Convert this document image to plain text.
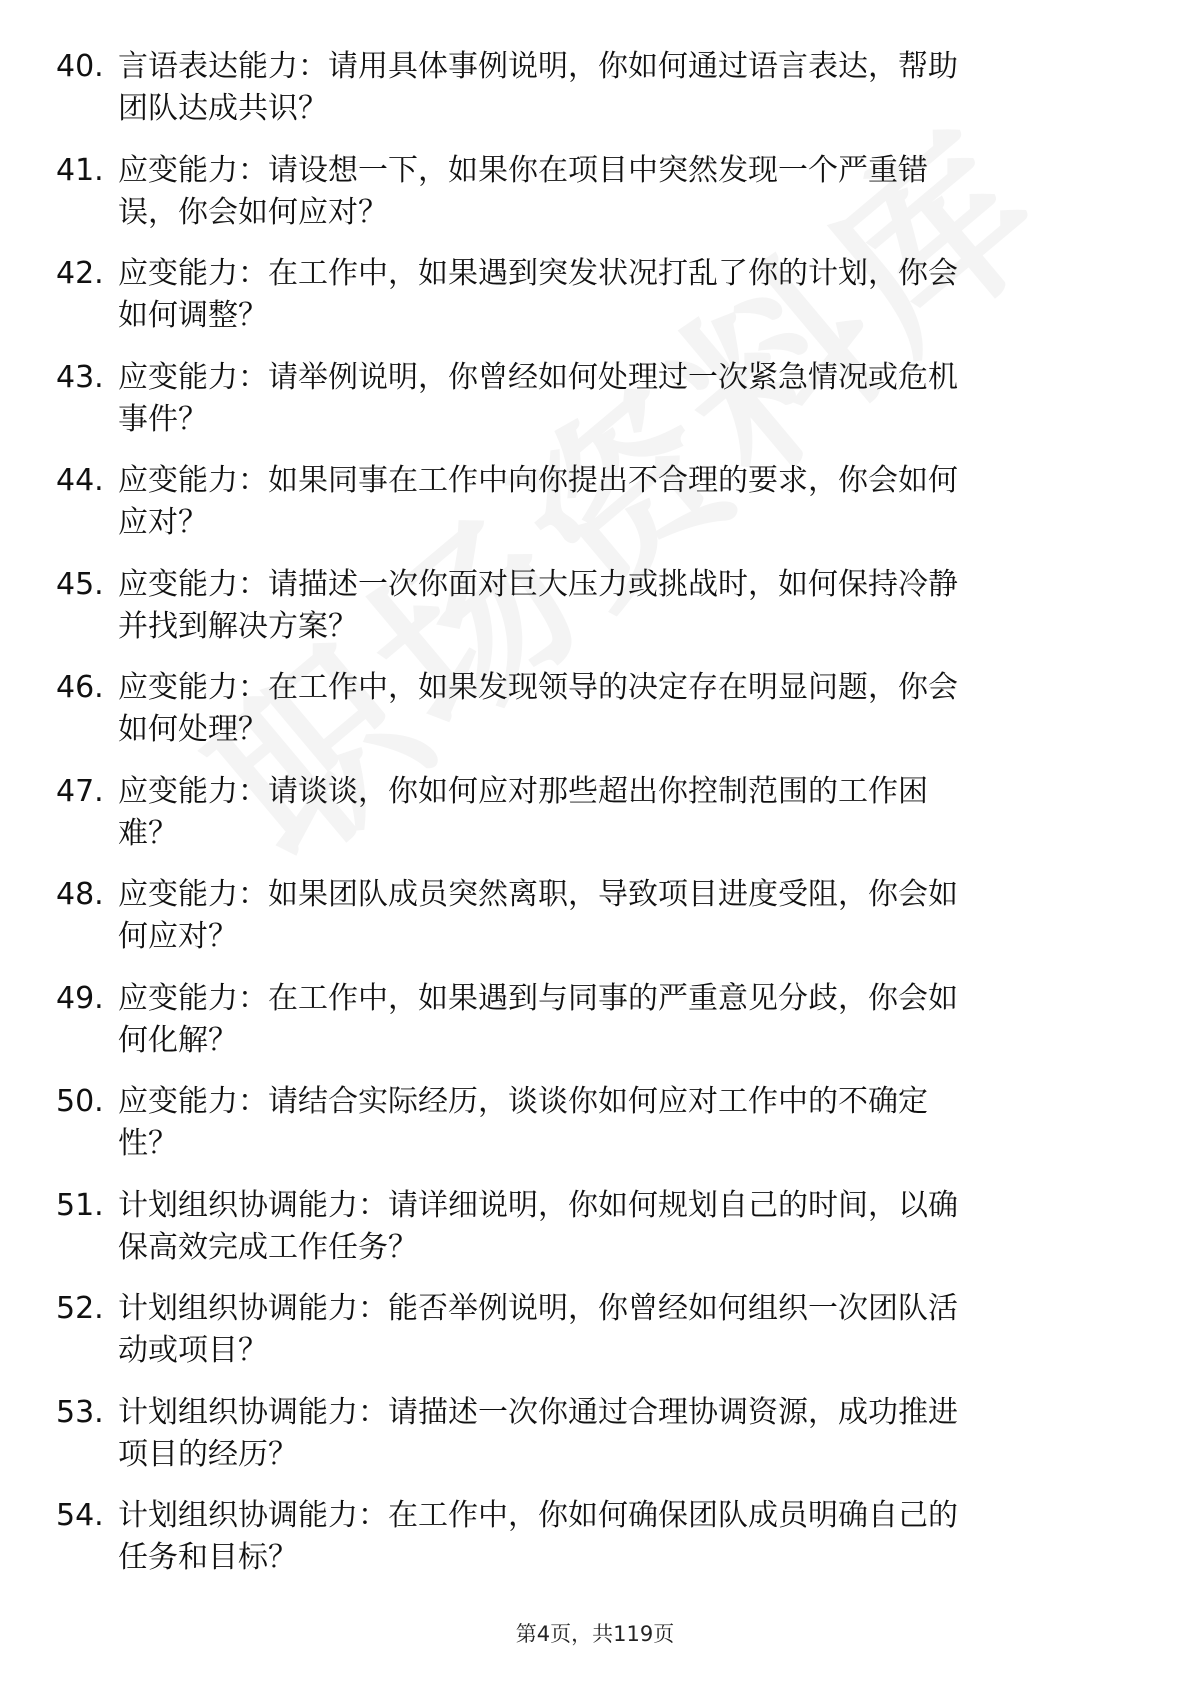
40. 言语表达能力：请用具体事例说明，你如何通过语言表达，帮助
团队达成共识？
41. 应变能力：请设想一下，如果你在项目中突然发现一个严重错
误，你会如何应对？
42. 应变能力：在工作中，如果遇到突发状况打乱了你的计划，你会
如何调整？
43. 应变能力：请举例说明，你曾经如何处理过一次紧急情况或危机
事件？
44. 应变能力：如果同事在工作中向你提出不合理的要求，你会如何
应对？
45. 应变能力：请描述一次你面对巨大压力或挑战时，如何保持冷静
并找到解决方案？
46. 应变能力：在工作中，如果发现领导的决定存在明显问题，你会
如何处理？
47. 应变能力：请谈谈，你如何应对那些超出你控制范围的工作困
难？
48. 应变能力：如果团队成员突然离职，导致项目进度受阻，你会如
何应对？
49. 应变能力：在工作中，如果遇到与同事的严重意见分歧，你会如
何化解？
50. 应变能力：请结合实际经历，谈谈你如何应对工作中的不确定
性？
51. 计划组织协调能力：请详细说明，你如何规划自己的时间，以确
保高效完成工作任务？
52. 计划组织协调能力：能否举例说明，你曾经如何组织一次团队活
动或项目？
53. 计划组织协调能力：请描述一次你通过合理协调资源，成功推进
项目的经历？
54. 计划组织协调能力：在工作中，你如何确保团队成员明确自己的
任务和目标？
第4页，共119页
